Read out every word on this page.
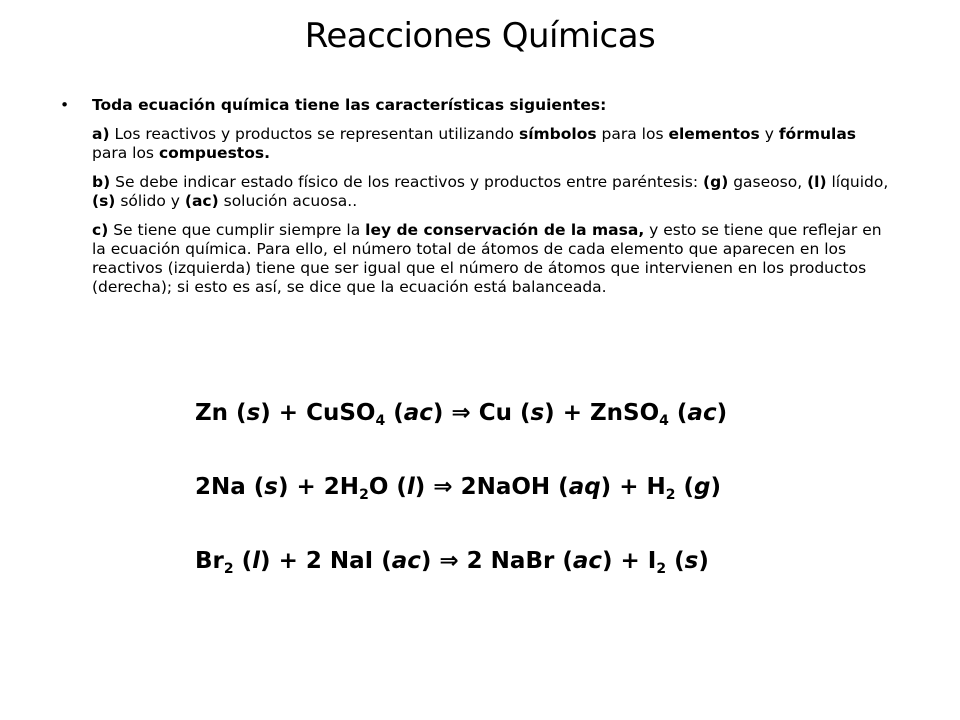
Reacciones Químicas
• Toda ecuación química tiene las características siguientes:

a) Los reactivos y productos se representan utilizando símbolos para los elementos y fórmulas para los compuestos.

b) Se debe indicar estado físico de los reactivos y productos entre paréntesis: (g) gaseoso, (l) líquido, (s) sólido y (ac) solución acuosa..

c) Se tiene que cumplir siempre la ley de conservación de la masa, y esto se tiene que reflejar en la ecuación química. Para ello, el número total de átomos de cada elemento que aparecen en los reactivos (izquierda) tiene que ser igual que el número de átomos que intervienen en los productos (derecha); si esto es así, se dice que la ecuación está balanceada.

Zn (s) + CuSO$_4$ (ac) ⇒ Cu (s) + ZnSO$_4$ (ac)
2Na $(s) + 2H_2O$ (l) ⇒ 2NaOH $(aq) + H_2$ (g)
$Br_2$ (l) + 2 NaI (ac) ⇒ 2 NaBr $(ac) + I_2$ (s)
